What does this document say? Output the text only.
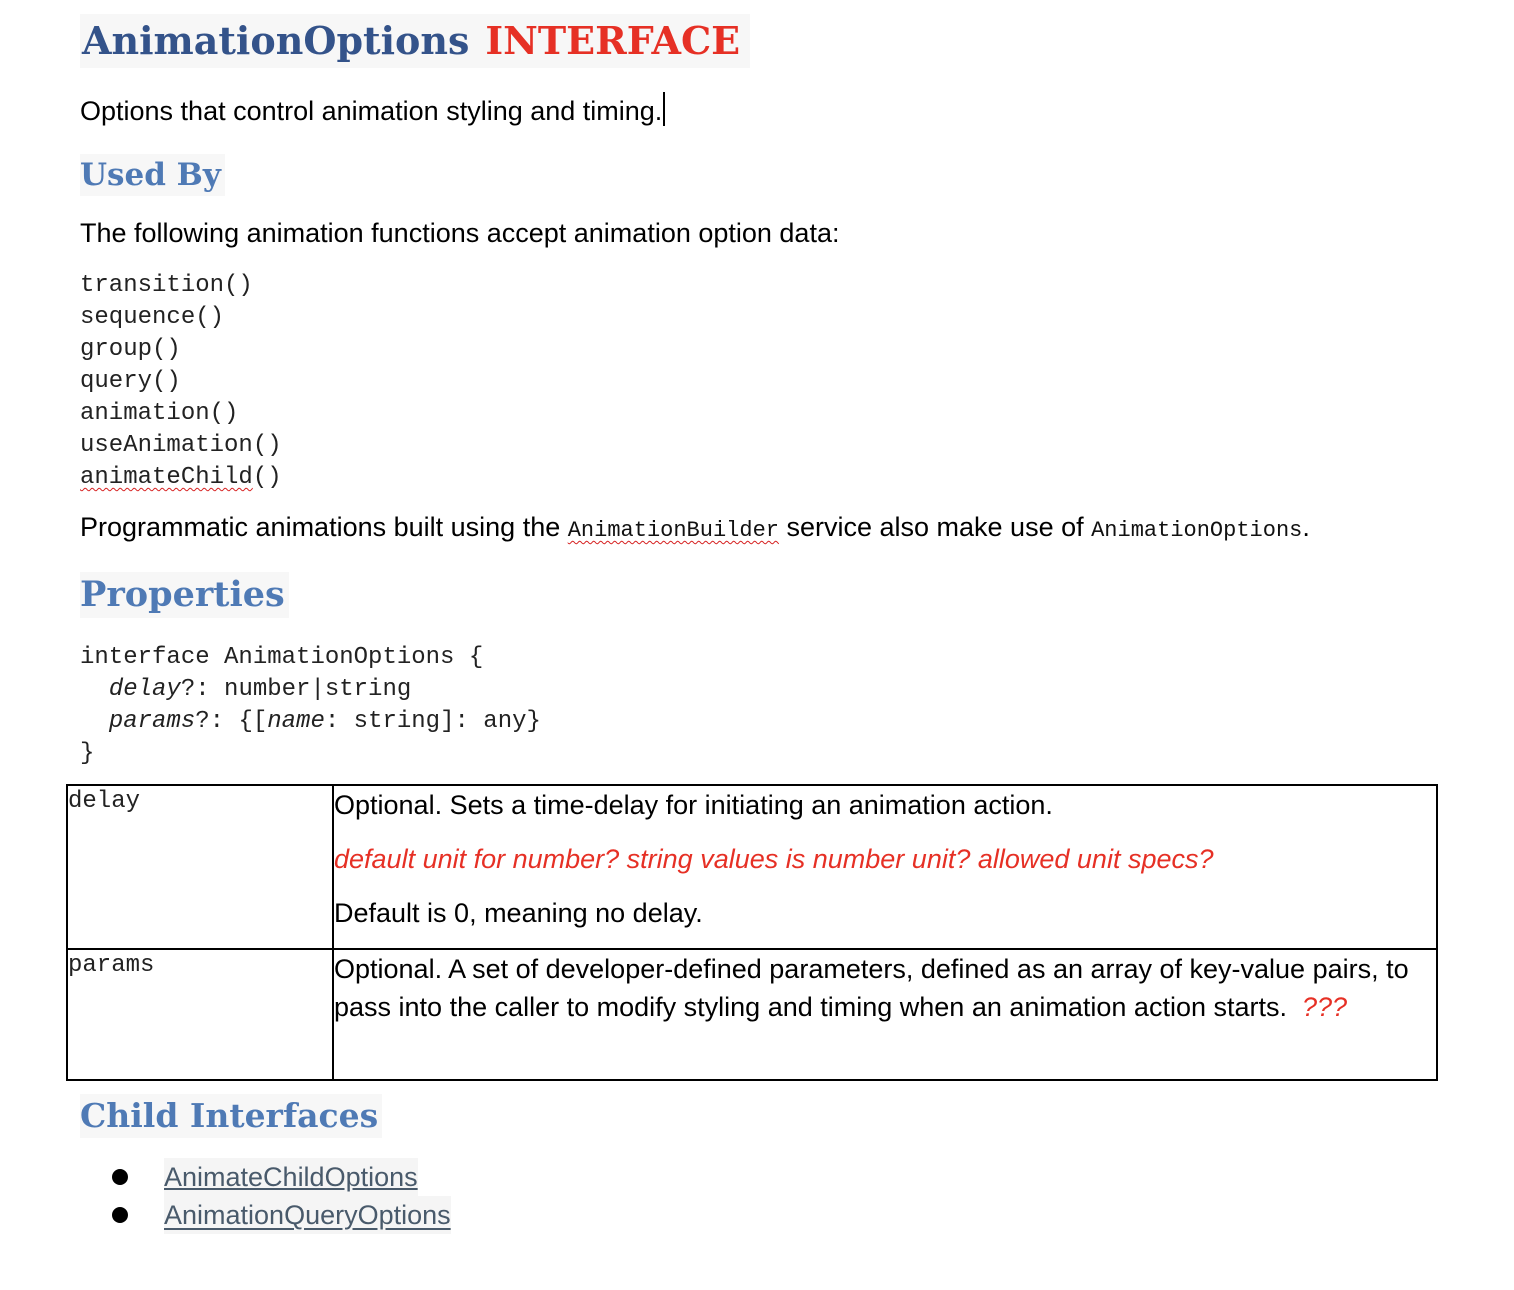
AnimationOptions INTERFACE
Options that control animation styling and timing.
Used By
The following animation functions accept animation option data:
transition()
sequence()
group()
query()
animation()
useAnimation()
animateChild()
Programmatic animations built using the AnimationBuilder service also make use of AnimationOptions.
Properties
interface AnimationOptions {
delay?: number|string
params?: {[name: string]: any}
}
delay	Optional. Sets a time-delay for initiating an animation action.

default unit for number? string values is number unit? allowed unit specs?

Default is 0, meaning no delay.

params	Optional. A set of developer-defined parameters, defined as an array of key-value pairs, to pass into the caller to modify styling and timing when an animation action starts. ???

Child Interfaces
AnimateChildOptions
AnimationQueryOptions
